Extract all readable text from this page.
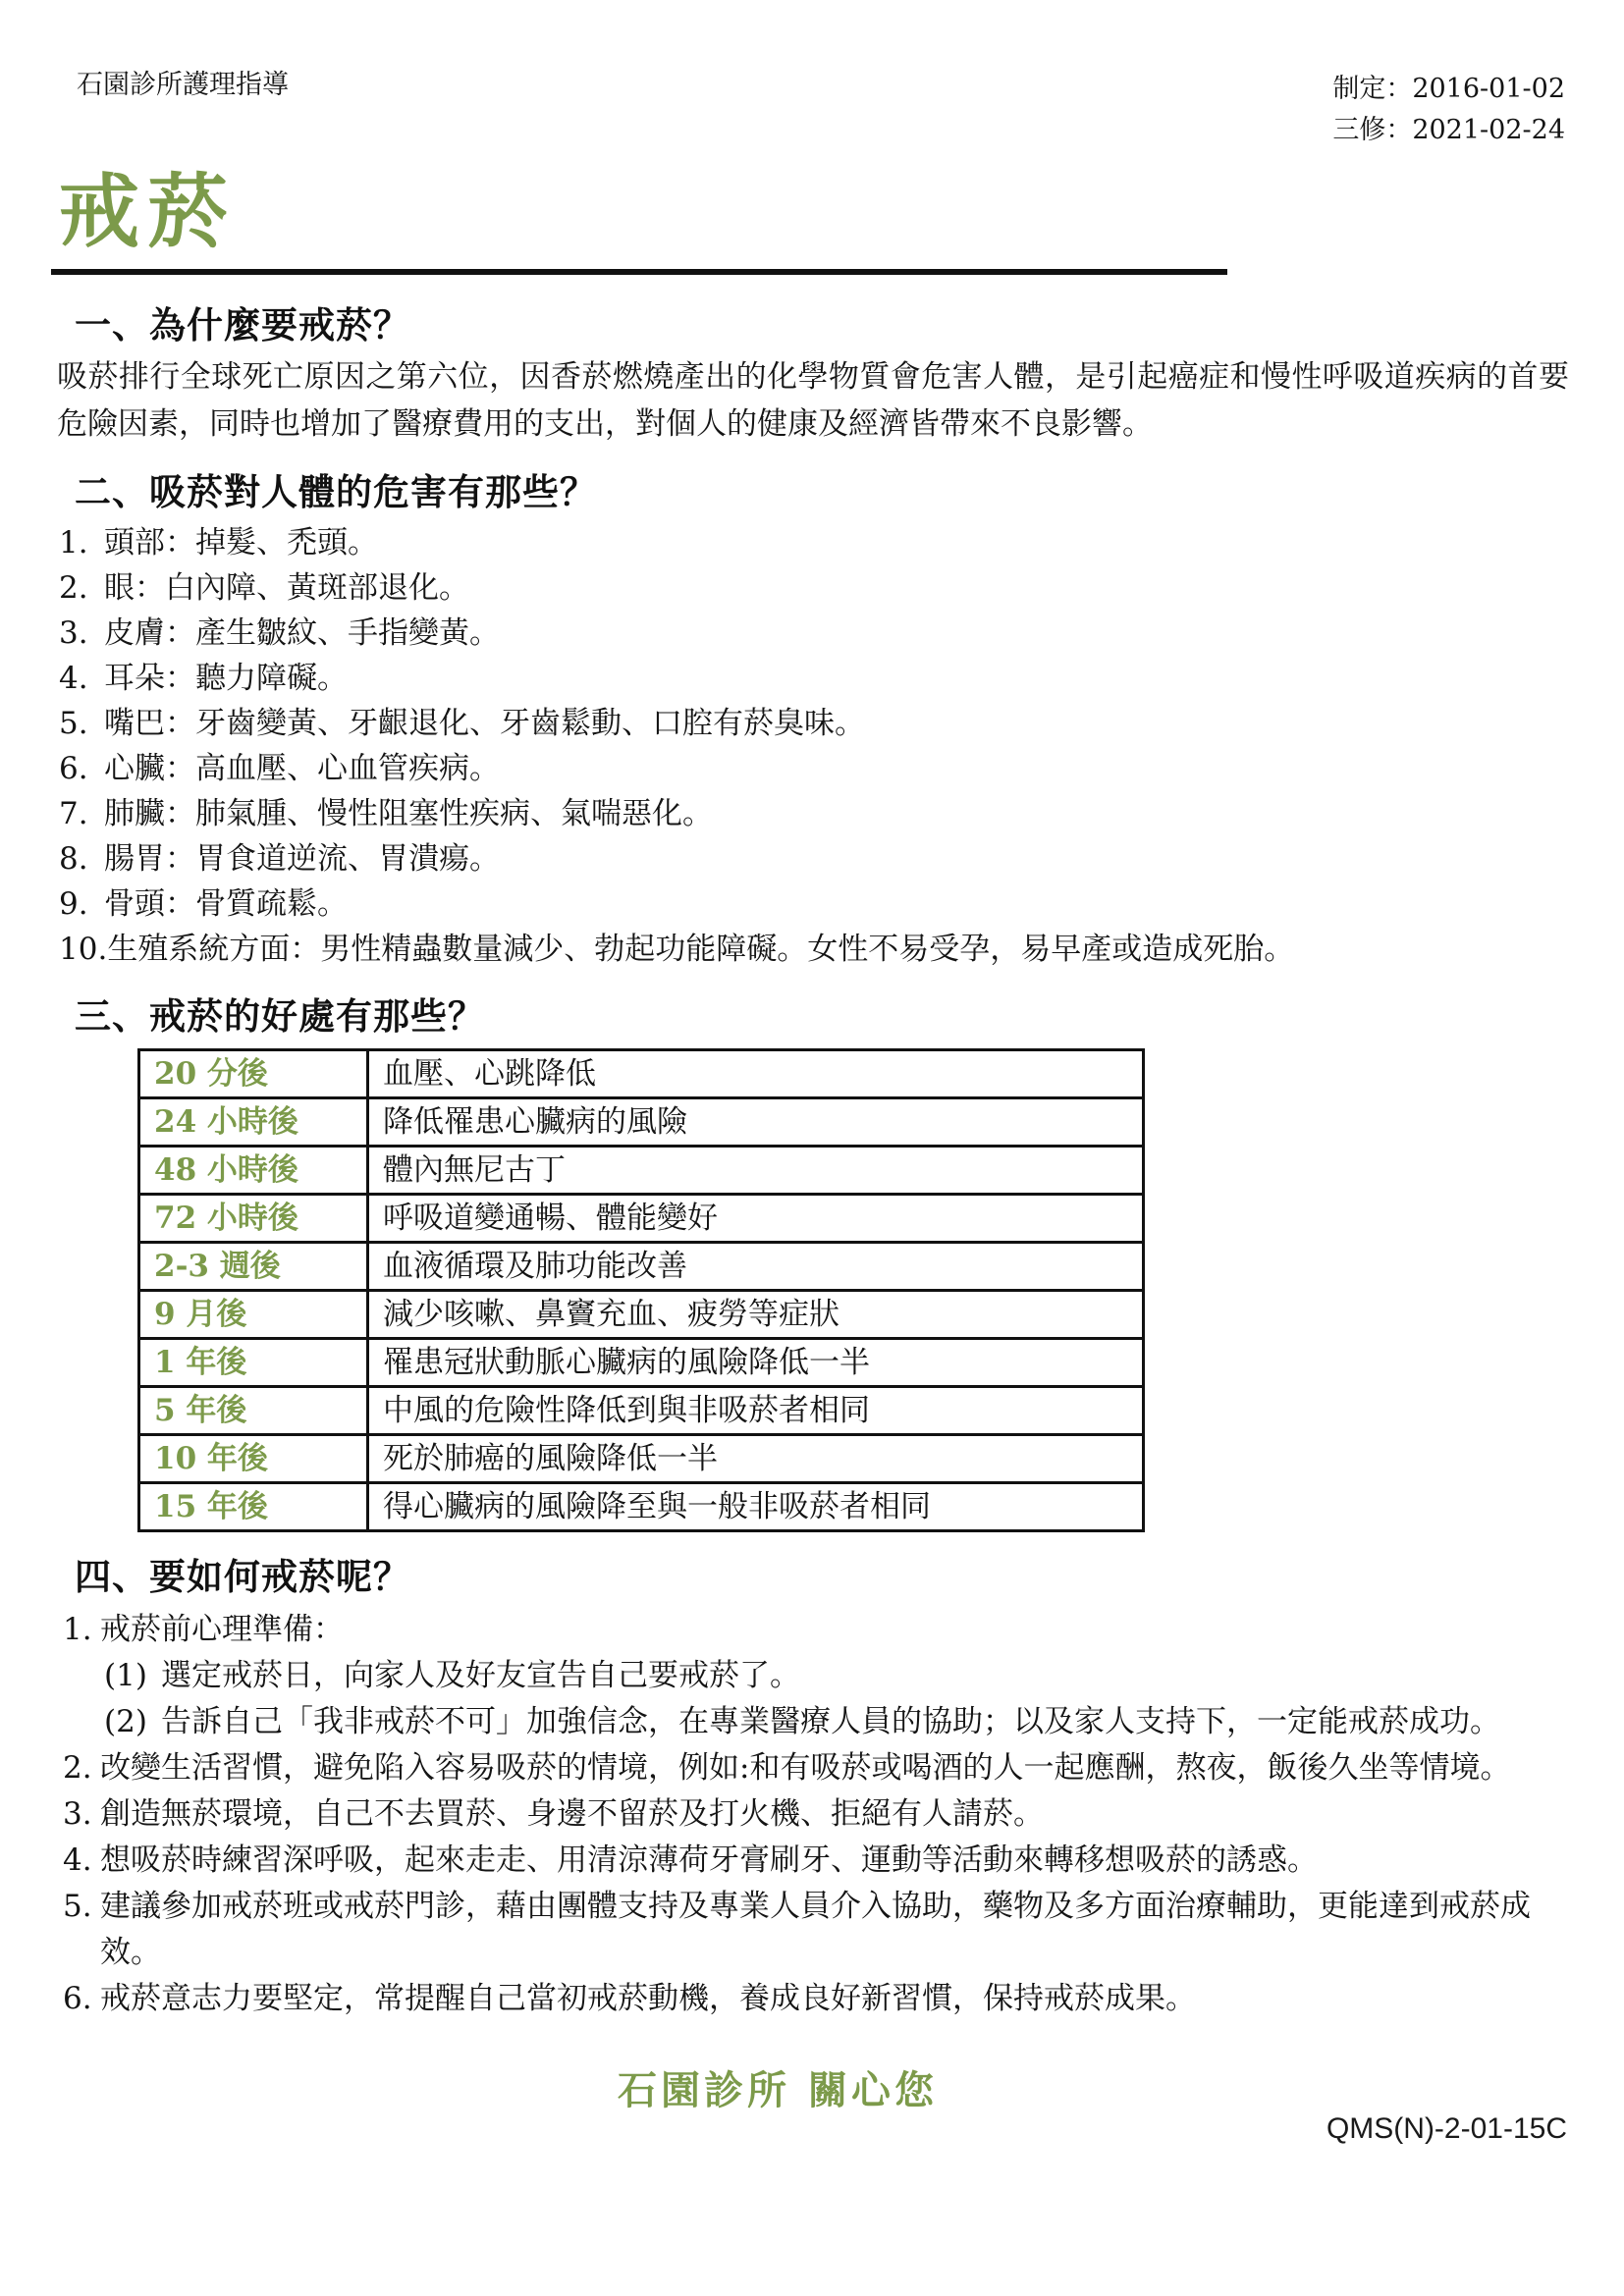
石園診所護理指導	制定：2016-01-02
三修：2021-02-24
戒菸
一、為什麼要戒菸？
吸菸排行全球死亡原因之第六位，因香菸燃燒產出的化學物質會危害人體，是引起癌症和慢性呼吸道疾病的首要危險因素，同時也增加了醫療費用的支出，對個人的健康及經濟皆帶來不良影響。
二、吸菸對人體的危害有那些？
1. 頭部：掉髮、禿頭。
2. 眼：白內障、黃斑部退化。
3. 皮膚：產生皺紋、手指變黃。
4. 耳朵：聽力障礙。
5. 嘴巴：牙齒變黃、牙齦退化、牙齒鬆動、口腔有菸臭味。
6. 心臟：高血壓、心血管疾病。
7. 肺臟：肺氣腫、慢性阻塞性疾病、氣喘惡化。
8. 腸胃：胃食道逆流、胃潰瘍。
9. 骨頭：骨質疏鬆。
10. 生殖系統方面：男性精蟲數量減少、勃起功能障礙。女性不易受孕，易早產或造成死胎。
三、戒菸的好處有那些？
20 分後	血壓、心跳降低
24 小時後	降低罹患心臟病的風險
48 小時後	體內無尼古丁
72 小時後	呼吸道變通暢、體能變好
2-3 週後	血液循環及肺功能改善
9 月後	減少咳嗽、鼻竇充血、疲勞等症狀
1 年後	罹患冠狀動脈心臟病的風險降低一半
5 年後	中風的危險性降低到與非吸菸者相同
10 年後	死於肺癌的風險降低一半
15 年後	得心臟病的風險降至與一般非吸菸者相同
四、要如何戒菸呢？
1. 戒菸前心理準備：
(1) 選定戒菸日，向家人及好友宣告自己要戒菸了。
(2) 告訴自己「我非戒菸不可」加強信念，在專業醫療人員的協助；以及家人支持下，一定能戒菸成功。
2. 改變生活習慣，避免陷入容易吸菸的情境，例如:和有吸菸或喝酒的人一起應酬，熬夜，飯後久坐等情境。
3. 創造無菸環境，自己不去買菸、身邊不留菸及打火機、拒絕有人請菸。
4. 想吸菸時練習深呼吸，起來走走、用清涼薄荷牙膏刷牙、運動等活動來轉移想吸菸的誘惑。
5. 建議參加戒菸班或戒菸門診，藉由團體支持及專業人員介入協助，藥物及多方面治療輔助，更能達到戒菸成效。
6. 戒菸意志力要堅定，常提醒自己當初戒菸動機，養成良好新習慣，保持戒菸成果。
石園診所 關心您
QMS(N)-2-01-15C
